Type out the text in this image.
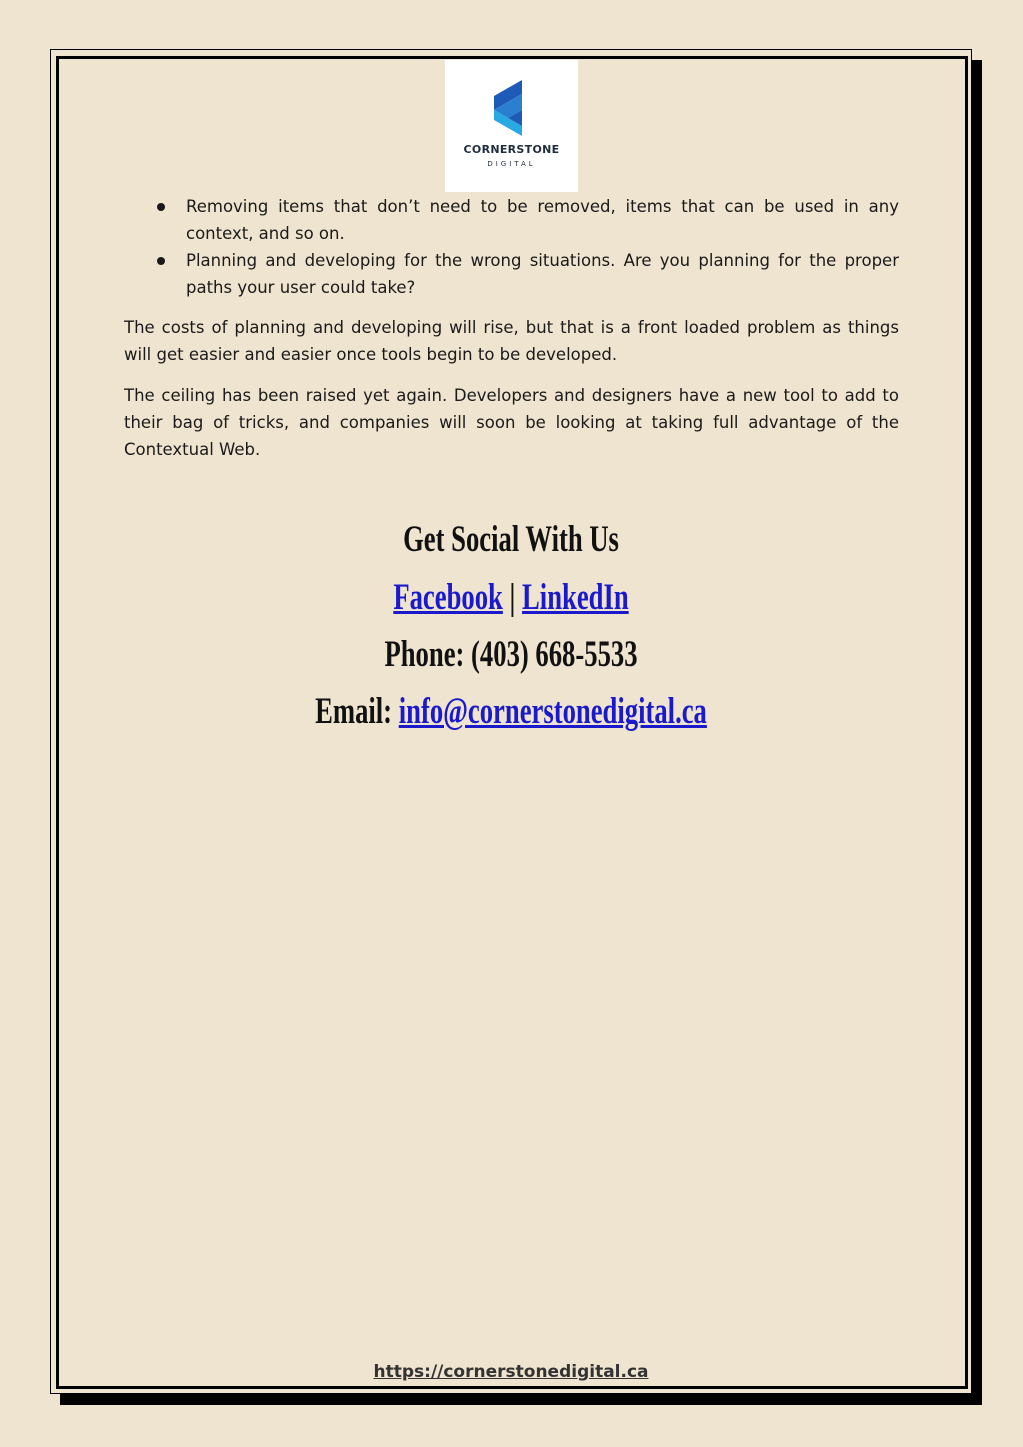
CORNERSTONE
DIGITAL
Removing items that don’t need to be removed, items that can be used in any context, and so on.
Planning and developing for the wrong situations. Are you planning for the proper paths your user could take?

The costs of planning and developing will rise, but that is a front loaded problem as things will get easier and easier once tools begin to be developed.

The ceiling has been raised yet again. Developers and designers have a new tool to add to their bag of tricks, and companies will soon be looking at taking full advantage of the Contextual Web.

Get Social With Us
Facebook | LinkedIn
Phone: (403) 668-5533
Email: info@cornerstonedigital.ca
https://cornerstonedigital.ca
